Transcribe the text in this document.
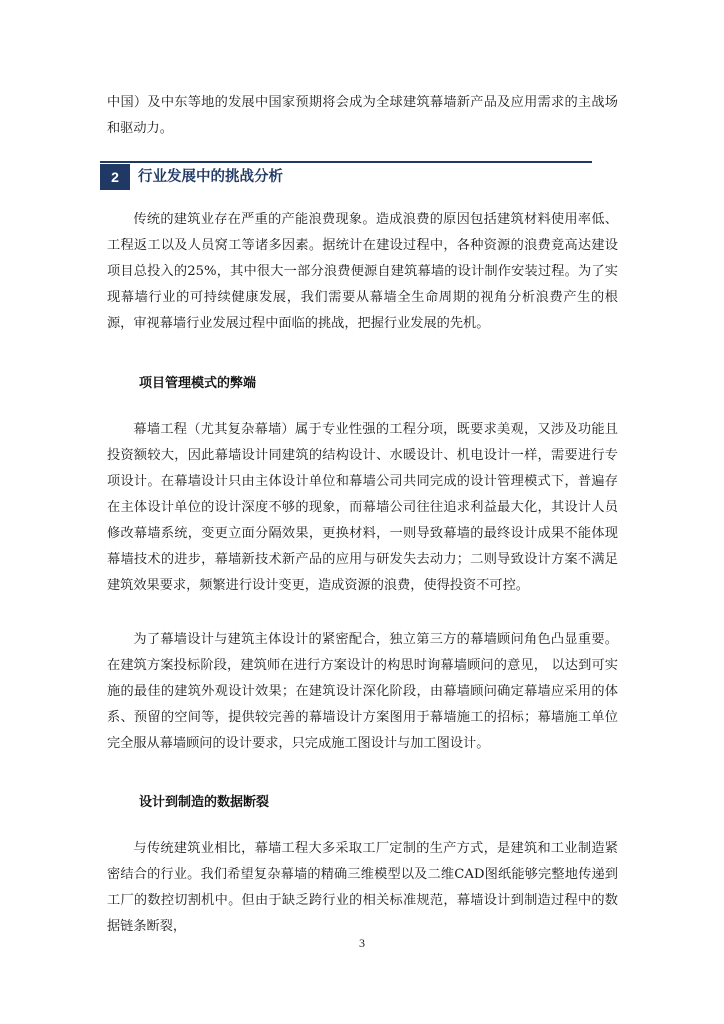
中国）及中东等地的发展中国家预期将会成为全球建筑幕墙新产品及应用需求的主战场和驱动力。

2	行业发展中的挑战分析

传统的建筑业存在严重的产能浪费现象。造成浪费的原因包括建筑材料使用率低、工程返工以及人员窝工等诸多因素。据统计在建设过程中，各种资源的浪费竟高达建设项目总投入的25%，其中很大一部分浪费便源自建筑幕墙的设计制作安装过程。为了实现幕墙行业的可持续健康发展，我们需要从幕墙全生命周期的视角分析浪费产生的根源，审视幕墙行业发展过程中面临的挑战，把握行业发展的先机。

项目管理模式的弊端

幕墙工程（尤其复杂幕墙）属于专业性强的工程分项，既要求美观，又涉及功能且投资额较大，因此幕墙设计同建筑的结构设计、水暖设计、机电设计一样，需要进行专项设计。在幕墙设计只由主体设计单位和幕墙公司共同完成的设计管理模式下，普遍存在主体设计单位的设计深度不够的现象，而幕墙公司往往追求利益最大化，其设计人员修改幕墙系统，变更立面分隔效果，更换材料，一则导致幕墙的最终设计成果不能体现幕墙技术的进步，幕墙新技术新产品的应用与研发失去动力；二则导致设计方案不满足建筑效果要求，频繁进行设计变更，造成资源的浪费，使得投资不可控。

为了幕墙设计与建筑主体设计的紧密配合，独立第三方的幕墙顾问角色凸显重要。在建筑方案投标阶段，建筑师在进行方案设计的构思时询幕墙顾问的意见， 以达到可实施的最佳的建筑外观设计效果；在建筑设计深化阶段，由幕墙顾问确定幕墙应采用的体系、预留的空间等，提供较完善的幕墙设计方案图用于幕墙施工的招标；幕墙施工单位完全服从幕墙顾问的设计要求，只完成施工图设计与加工图设计。

设计到制造的数据断裂

与传统建筑业相比，幕墙工程大多采取工厂定制的生产方式，是建筑和工业制造紧密结合的行业。我们希望复杂幕墙的精确三维模型以及二维CAD图纸能够完整地传递到工厂的数控切割机中。但由于缺乏跨行业的相关标准规范，幕墙设计到制造过程中的数据链条断裂，

3
